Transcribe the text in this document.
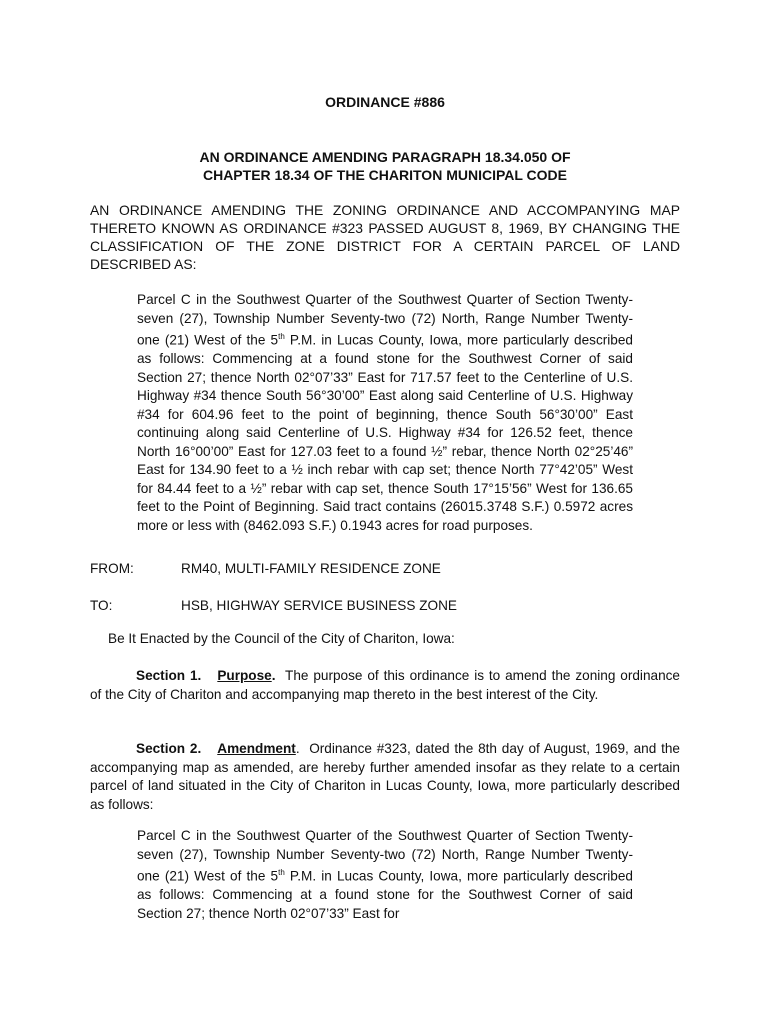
ORDINANCE #886
AN ORDINANCE AMENDING PARAGRAPH 18.34.050 OF
CHAPTER 18.34 OF THE CHARITON MUNICIPAL CODE
AN ORDINANCE AMENDING THE ZONING ORDINANCE AND ACCOMPANYING MAP THERETO KNOWN AS ORDINANCE #323 PASSED AUGUST 8, 1969, BY CHANGING THE CLASSIFICATION OF THE ZONE DISTRICT FOR A CERTAIN PARCEL OF LAND DESCRIBED AS:
Parcel C in the Southwest Quarter of the Southwest Quarter of Section Twenty-seven (27), Township Number Seventy-two (72) North, Range Number Twenty-one (21) West of the 5th P.M. in Lucas County, Iowa, more particularly described as follows: Commencing at a found stone for the Southwest Corner of said Section 27; thence North 02°07’33” East for 717.57 feet to the Centerline of U.S. Highway #34 thence South 56°30’00” East along said Centerline of U.S. Highway #34 for 604.96 feet to the point of beginning, thence South 56°30’00” East continuing along said Centerline of U.S. Highway #34 for 126.52 feet, thence North 16°00’00” East for 127.03 feet to a found ½” rebar, thence North 02°25’46” East for 134.90 feet to a ½ inch rebar with cap set; thence North 77°42’05” West for 84.44 feet to a ½” rebar with cap set, thence South 17°15’56” West for 136.65 feet to the Point of Beginning. Said tract contains (26015.3748 S.F.) 0.5972 acres more or less with (8462.093 S.F.) 0.1943 acres for road purposes.
FROM:	RM40, MULTI-FAMILY RESIDENCE ZONE
TO:	HSB, HIGHWAY SERVICE BUSINESS ZONE
Be It Enacted by the Council of the City of Chariton, Iowa:
Section 1. Purpose. The purpose of this ordinance is to amend the zoning ordinance of the City of Chariton and accompanying map thereto in the best interest of the City.
Section 2. Amendment.  Ordinance #323, dated the 8th day of August, 1969, and the accompanying map as amended, are hereby further amended insofar as they relate to a certain parcel of land situated in the City of Chariton in Lucas County, Iowa, more particularly described as follows:
Parcel C in the Southwest Quarter of the Southwest Quarter of Section Twenty-seven (27), Township Number Seventy-two (72) North, Range Number Twenty-one (21) West of the 5th P.M. in Lucas County, Iowa, more particularly described as follows: Commencing at a found stone for the Southwest Corner of said Section 27; thence North 02°07’33” East for
